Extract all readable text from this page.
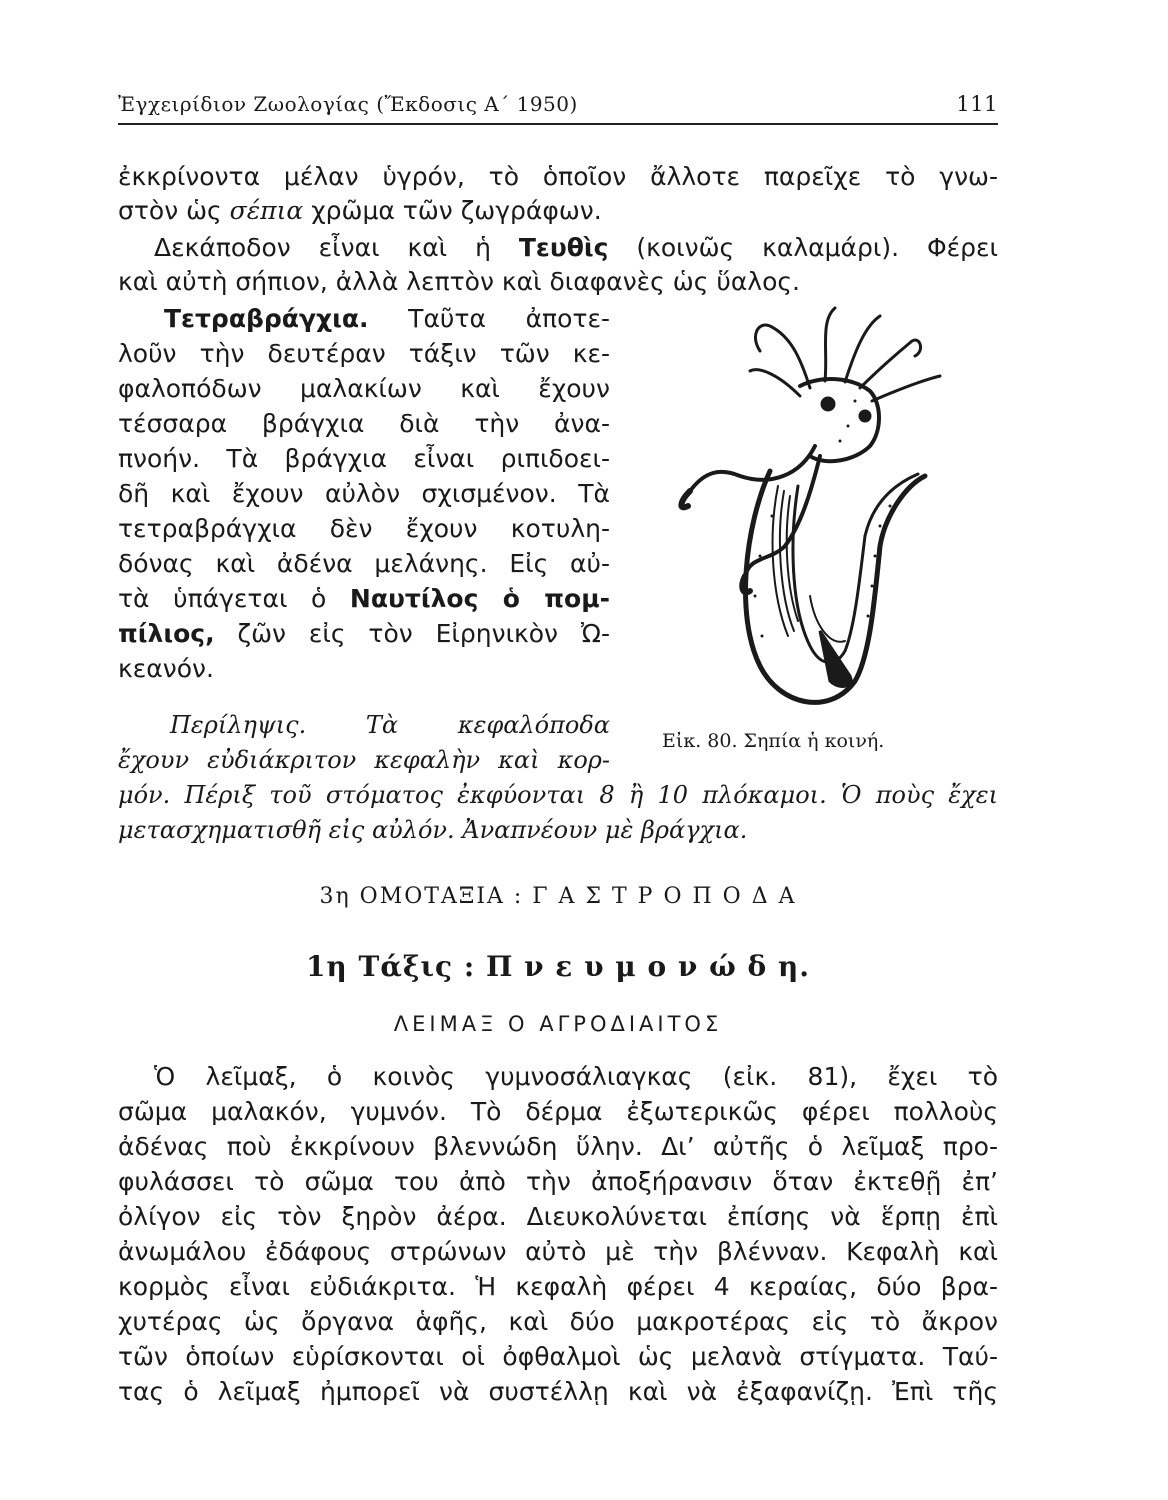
Ἐγχειρίδιον Ζωολογίας (Ἔκδοσις Α΄ 1950)	111
ἐκκρίνοντα μέλαν ὑγρόν, τὸ ὁποῖον ἄλλοτε παρεῖχε τὸ γνω-
στὸν ὡς σέπια χρῶμα τῶν ζωγράφων.
Δεκάποδον εἶναι καὶ ἡ Τευθὶς (κοινῶς καλαμάρι). Φέρει
καὶ αὐτὴ σήπιον, ἀλλὰ λεπτὸν καὶ διαφανὲς ὡς ὕαλος.
Τετραβράγχια. Ταῦτα ἀποτε-
λοῦν τὴν δευτέραν τάξιν τῶν κε-
φαλοπόδων μαλακίων καὶ ἔχουν
τέσσαρα βράγχια διὰ τὴν ἀνα-
πνοήν. Τὰ βράγχια εἶναι ριπιδοει-
δῆ καὶ ἔχουν αὐλὸν σχισμένον. Τὰ
τετραβράγχια δὲν ἔχουν κοτυλη-
δόνας καὶ ἀδένα μελάνης. Εἰς αὐ-
τὰ ὑπάγεται ὁ Ναυτίλος ὁ πομ-
πίλιος, ζῶν εἰς τὸν Εἰρηνικὸν Ὠ-
κεανόν.
Εἰκ. 80. Σηπία ἡ κοινή.
Περίληψις. Τὰ κεφαλόποδα
ἔχουν εὐδιάκριτον κεφαλὴν καὶ κορ-
μόν. Πέριξ τοῦ στόματος ἐκφύονται 8 ἢ 10 πλόκαμοι. Ὁ ποὺς ἔχει
μετασχηματισθῆ εἰς αὐλόν. Ἀναπνέουν μὲ βράγχια.
3η ΟΜΟΤΑΞΙΑ : Γ Α Σ Τ Ρ Ο Π Ο Δ Α
1η Τάξις : Π ν ε υ μ ο ν ώ δ η.
ΛΕΙΜΑΞ Ο ΑΓΡΟΔΙΑΙΤΟΣ
Ὁ λεῖμαξ, ὁ κοινὸς γυμνοσάλιαγκας (εἰκ. 81), ἔχει τὸ
σῶμα μαλακόν, γυμνόν. Τὸ δέρμα ἐξωτερικῶς φέρει πολλοὺς
ἀδένας ποὺ ἐκκρίνουν βλεννώδη ὕλην. Δι’ αὐτῆς ὁ λεῖμαξ προ-
φυλάσσει τὸ σῶμα του ἀπὸ τὴν ἀποξήρανσιν ὅταν ἐκτεθῇ ἐπ’
ὀλίγον εἰς τὸν ξηρὸν ἀέρα. Διευκολύνεται ἐπίσης νὰ ἕρπῃ ἐπὶ
ἀνωμάλου ἐδάφους στρώνων αὐτὸ μὲ τὴν βλένναν. Κεφαλὴ καὶ
κορμὸς εἶναι εὐδιάκριτα. Ἡ κεφαλὴ φέρει 4 κεραίας, δύο βρα-
χυτέρας ὡς ὄργανα ἁφῆς, καὶ δύο μακροτέρας εἰς τὸ ἄκρον
τῶν ὁποίων εὑρίσκονται οἱ ὀφθαλμοὶ ὡς μελανὰ στίγματα. Ταύ-
τας ὁ λεῖμαξ ἠμπορεῖ νὰ συστέλλῃ καὶ νὰ ἐξαφανίζῃ. Ἐπὶ τῆς
